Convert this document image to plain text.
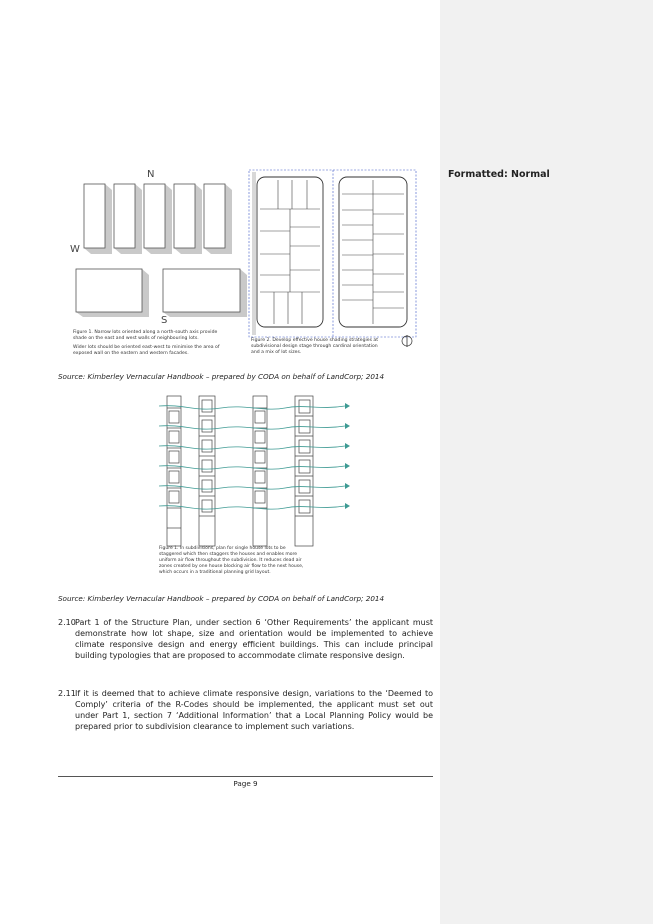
Formatted: Normal
N
W
S
Figure 1. Narrow lots oriented along a north-south axis provide shade on the east and west walls of neighbouring lots.
Wider lots should be oriented east-west to minimise the area of exposed wall on the eastern and western facades.
Figure 2. Develop effective house shading strategies at subdivisional design stage through cardinal orientation and a mix of lot sizes.
Source: Kimberley Vernacular Handbook – prepared by CODA on behalf of LandCorp; 2014
Figure 1. In subdivisions, plan for single house lots to be staggered which then staggers the houses and enables more uniform air flow throughout the subdivision. It reduces dead air zones created by one house blocking air flow to the next house, which occurs in a traditional planning grid layout.
Source: Kimberley Vernacular Handbook – prepared by CODA on behalf of LandCorp; 2014
2.10 Part 1 of the Structure Plan, under section 6 ‘Other Requirements’ the applicant must demonstrate how lot shape, size and orientation would be implemented to achieve climate responsive design and energy efficient buildings. This can include principal building typologies that are proposed to accommodate climate responsive design.
2.11 If it is deemed that to achieve climate responsive design, variations to the ‘Deemed to Comply’ criteria of the R-Codes should be implemented, the applicant must set out under Part 1, section 7 ‘Additional Information’ that a Local Planning Policy would be prepared prior to subdivision clearance to implement such variations.
Page 9
